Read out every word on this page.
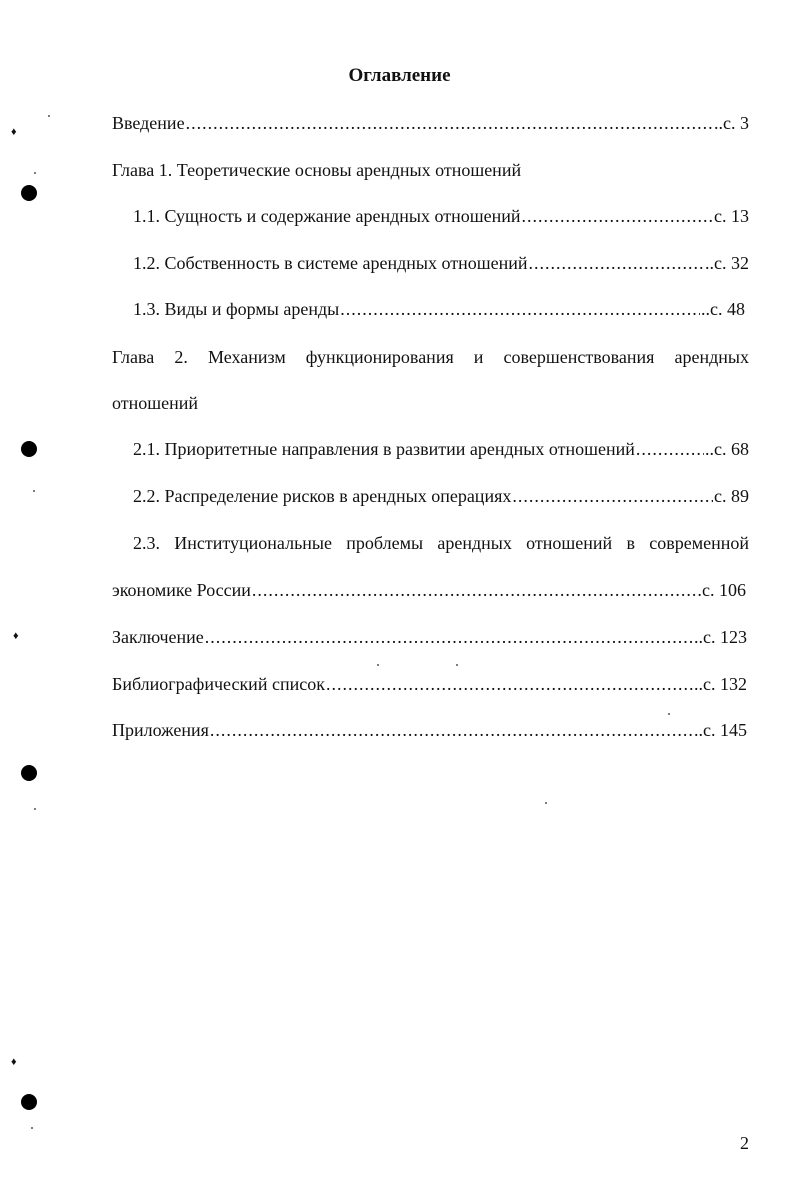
♦
♦
♦
Оглавление
Введение .....	..с. 3
Глава 1. Теоретические основы арендных отношений
1.1. Сущность и содержание арендных отношений .....	с. 13
1.2. Собственность в системе арендных отношений .....	..с. 32
1.3. Виды и формы аренды .....	..с. 48
Глава 2. Механизм функционирования и совершенствования арендных
отношений
2.1. Приоритетные направления в развитии арендных отношений .....	..с. 68
2.2. Распределение рисков в арендных операциях .....	с. 89
2.3. Институциональные проблемы арендных отношений в современной
экономике России .....	с. 106
Заключение .....	..с. 123
Библиографический список .....	..с. 132
Приложения .....	..с. 145
2
